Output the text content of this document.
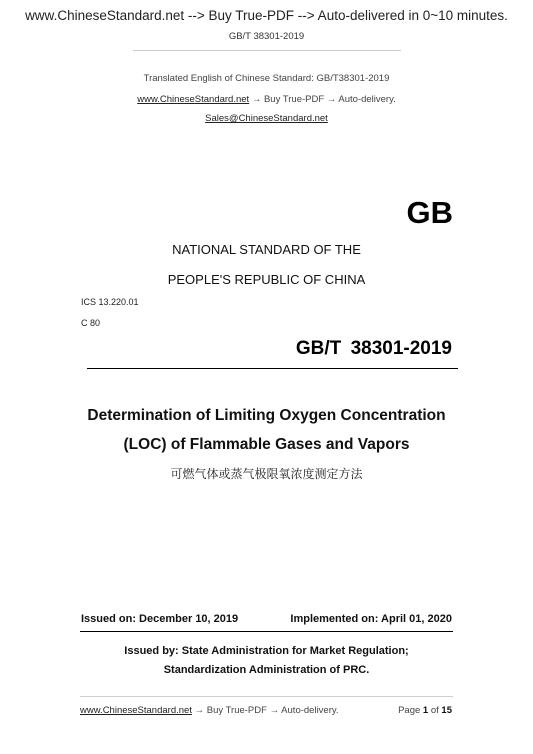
www.ChineseStandard.net --> Buy True-PDF --> Auto-delivered in 0~10 minutes.
GB/T 38301-2019
Translated English of Chinese Standard: GB/T38301-2019
www.ChineseStandard.net → Buy True-PDF → Auto-delivery.
Sales@ChineseStandard.net
GB
NATIONAL STANDARD OF THE
PEOPLE'S REPUBLIC OF CHINA
ICS 13.220.01
C 80
GB/T 38301-2019
Determination of Limiting Oxygen Concentration
(LOC) of Flammable Gases and Vapors
可燃气体或蒸气极限氧浓度测定方法
Issued on: December 10, 2019	Implemented on: April 01, 2020
Issued by: State Administration for Market Regulation;
Standardization Administration of PRC.
www.ChineseStandard.net → Buy True-PDF → Auto-delivery.	Page 1 of 15
